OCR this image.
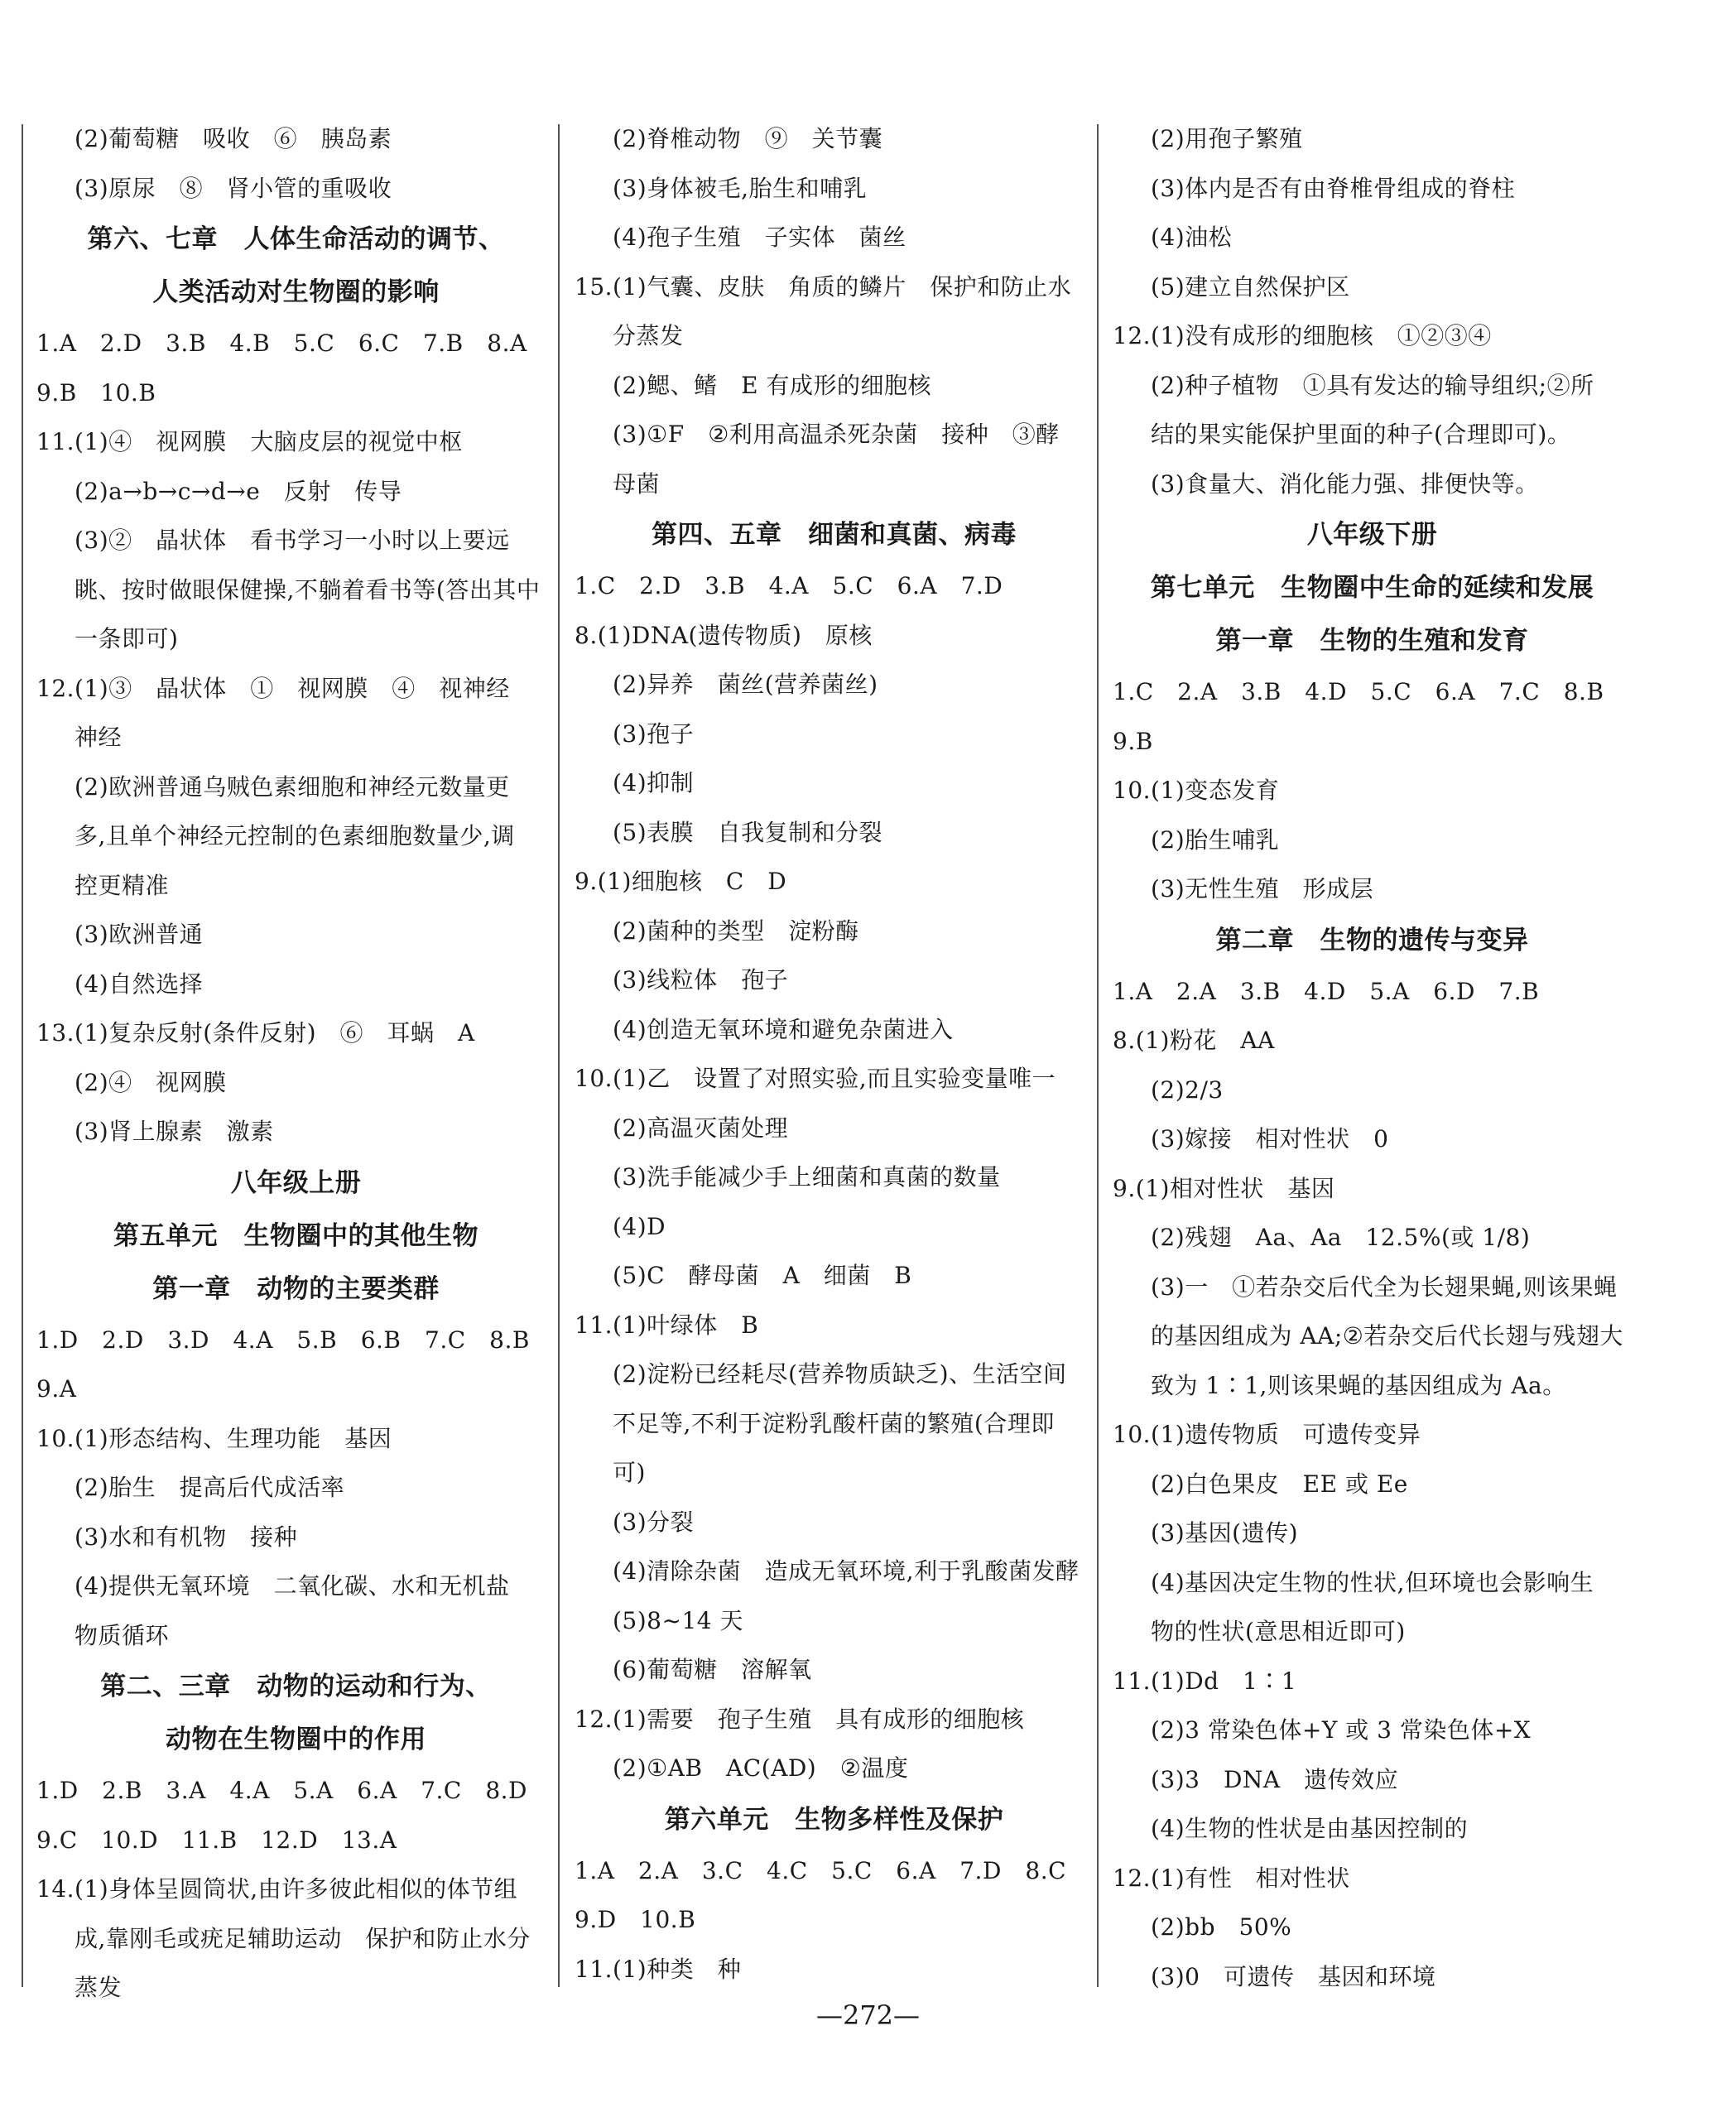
(2)葡萄糖　吸收　⑥　胰岛素
(3)原尿　⑧　肾小管的重吸收
第六、七章　人体生命活动的调节、
人类活动对生物圈的影响
1.A　2.D　3.B　4.B　5.C　6.C　7.B　8.A
9.B　10.B
11.(1)④　视网膜　大脑皮层的视觉中枢
(2)a→b→c→d→e　反射　传导
(3)②　晶状体　看书学习一小时以上要远
眺、按时做眼保健操,不躺着看书等(答出其中
一条即可)
12.(1)③　晶状体　①　视网膜　④　视神经
神经
(2)欧洲普通乌贼色素细胞和神经元数量更
多,且单个神经元控制的色素细胞数量少,调
控更精准
(3)欧洲普通
(4)自然选择
13.(1)复杂反射(条件反射)　⑥　耳蜗　A
(2)④　视网膜
(3)肾上腺素　激素
八年级上册
第五单元　生物圈中的其他生物
第一章　动物的主要类群
1.D　2.D　3.D　4.A　5.B　6.B　7.C　8.B
9.A
10.(1)形态结构、生理功能　基因
(2)胎生　提高后代成活率
(3)水和有机物　接种
(4)提供无氧环境　二氧化碳、水和无机盐
物质循环
第二、三章　动物的运动和行为、
动物在生物圈中的作用
1.D　2.B　3.A　4.A　5.A　6.A　7.C　8.D
9.C　10.D　11.B　12.D　13.A
14.(1)身体呈圆筒状,由许多彼此相似的体节组
成,靠刚毛或疣足辅助运动　保护和防止水分
蒸发
(2)脊椎动物　⑨　关节囊
(3)身体被毛,胎生和哺乳
(4)孢子生殖　子实体　菌丝
15.(1)气囊、皮肤　角质的鳞片　保护和防止水
分蒸发
(2)鳃、鳍　E 有成形的细胞核
(3)①F　②利用高温杀死杂菌　接种　③酵
母菌
第四、五章　细菌和真菌、病毒
1.C　2.D　3.B　4.A　5.C　6.A　7.D
8.(1)DNA(遗传物质)　原核
(2)异养　菌丝(营养菌丝)
(3)孢子
(4)抑制
(5)表膜　自我复制和分裂
9.(1)细胞核　C　D
(2)菌种的类型　淀粉酶
(3)线粒体　孢子
(4)创造无氧环境和避免杂菌进入
10.(1)乙　设置了对照实验,而且实验变量唯一
(2)高温灭菌处理
(3)洗手能减少手上细菌和真菌的数量
(4)D
(5)C　酵母菌　A　细菌　B
11.(1)叶绿体　B
(2)淀粉已经耗尽(营养物质缺乏)、生活空间
不足等,不利于淀粉乳酸杆菌的繁殖(合理即
可)
(3)分裂
(4)清除杂菌　造成无氧环境,利于乳酸菌发酵
(5)8~14 天
(6)葡萄糖　溶解氧
12.(1)需要　孢子生殖　具有成形的细胞核
(2)①AB　AC(AD)　②温度
第六单元　生物多样性及保护
1.A　2.A　3.C　4.C　5.C　6.A　7.D　8.C
9.D　10.B
11.(1)种类　种
(2)用孢子繁殖
(3)体内是否有由脊椎骨组成的脊柱
(4)油松
(5)建立自然保护区
12.(1)没有成形的细胞核　①②③④
(2)种子植物　①具有发达的输导组织;②所
结的果实能保护里面的种子(合理即可)。
(3)食量大、消化能力强、排便快等。
八年级下册
第七单元　生物圈中生命的延续和发展
第一章　生物的生殖和发育
1.C　2.A　3.B　4.D　5.C　6.A　7.C　8.B
9.B
10.(1)变态发育
(2)胎生哺乳
(3)无性生殖　形成层
第二章　生物的遗传与变异
1.A　2.A　3.B　4.D　5.A　6.D　7.B
8.(1)粉花　AA
(2)2/3
(3)嫁接　相对性状　0
9.(1)相对性状　基因
(2)残翅　Aa、Aa　12.5%(或 1/8)
(3)一　①若杂交后代全为长翅果蝇,则该果蝇
的基因组成为 AA;②若杂交后代长翅与残翅大
致为 1∶1,则该果蝇的基因组成为 Aa。
10.(1)遗传物质　可遗传变异
(2)白色果皮　EE 或 Ee
(3)基因(遗传)
(4)基因决定生物的性状,但环境也会影响生
物的性状(意思相近即可)
11.(1)Dd　1∶1
(2)3 常染色体+Y 或 3 常染色体+X
(3)3　DNA　遗传效应
(4)生物的性状是由基因控制的
12.(1)有性　相对性状
(2)bb　50%
(3)0　可遗传　基因和环境
—272—
